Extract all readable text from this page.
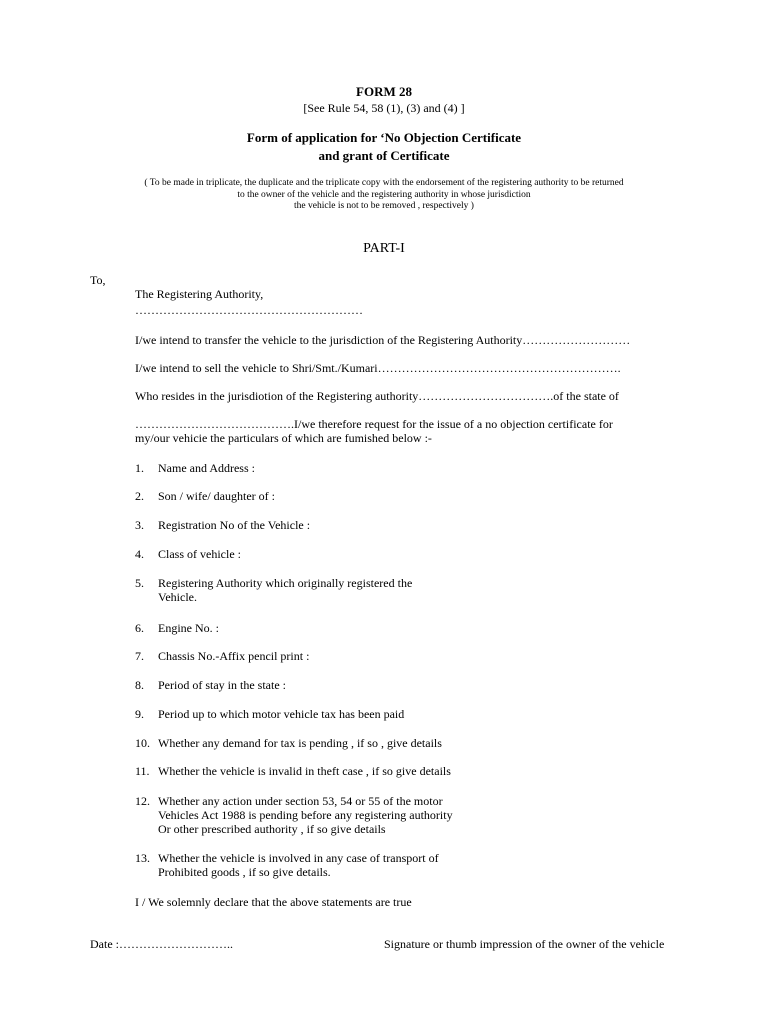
FORM 28
[See Rule 54, 58 (1), (3) and (4) ]
Form of application for ‘No Objection Certificate
and grant of Certificate
( To be made in triplicate, the duplicate and the triplicate copy with the endorsement of the registering authority to be returned
to the owner of the vehicle and the registering authority in whose jurisdiction
the vehicle is not to be removed , respectively )
PART-I
To,
The Registering Authority,
…………………………………………………
I/we intend to transfer the vehicle to the jurisdiction of the Registering Authority………………………
I/we intend to sell the vehicle to Shri/Smt./Kumari…………………………………………………….
Who resides in the jurisdiotion of the Registering authority…………………………….of the state of
………………………………….I/we therefore request for the issue of a no objection certificate for
my/our vehicie the particulars of which are fumished below :-
1.	Name and Address :
2.	Son / wife/ daughter of :
3.	Registration No of the Vehicle :
4.	Class of vehicle :
5.	Registering Authority which originally registered the
Vehicle.
6.	Engine No. :
7.	Chassis No.-Affix pencil print :
8.	Period of stay in the state :
9.	Period up to which motor vehicle tax has been paid
10. Whether any demand for tax is pending , if so , give details
11. Whether the vehicle is invalid in theft case , if so give details
12. Whether any action under section 53, 54 or 55 of the motor
Vehicles Act 1988 is pending before any registering authority
Or other prescribed authority , if so give details
13. Whether the vehicle is involved in any case of transport of
Prohibited goods , if so give details.
I / We solemnly declare that the above statements are true
Date :………………………..	Signature or thumb impression of the owner of the vehicle
